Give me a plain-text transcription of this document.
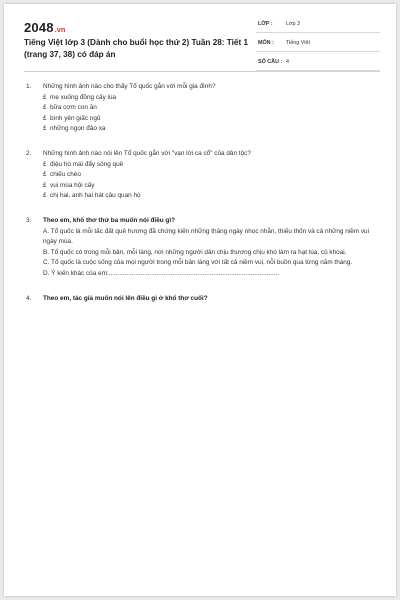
2048.vn
Tiếng Việt lớp 3 (Dành cho buổi học thứ 2) Tuần 28: Tiết 1 (trang 37, 38) có đáp án
LỚP : Lớp 3
MÔN : Tiếng Việt
SỐ CÂU : 4
1. Những hình ảnh nào cho thấy Tổ quốc gắn với mỗi gia đình?
£ mẹ xuống đồng cấy lúa
£ bữa cơm con ăn
£ bình yên giấc ngủ
£ những ngọn đảo xa
2. Những hình ảnh nào nói lên Tổ quốc gắn với "vạn lời ca cổ" của dân tộc?
£ điệu hò mái đẩy sông quê
£ chiếu chèo
£ vui mùa hội cấy
£ chị hai, anh hai hát câu quan họ
3. Theo em, khổ thơ thứ ba muốn nói điều gì?
A. Tổ quốc là mỗi tấc đất quê hương đã chứng kiến những tháng ngày nhọc nhằn, thiếu thốn và cả những niềm vui ngày mùa.
B. Tổ quốc có trong mỗi bản, mỗi làng, nơi những người dân chịu thương chịu khó làm ra hạt lúa, củ khoai.
C. Tổ quốc là cuộc sống của mọi người trong mỗi bản làng với tất cả niềm vui, nỗi buồn qua từng năm tháng.
D. Ý kiến khác của em:................................................................................................
4. Theo em, tác giả muốn nói lên điều gì ở khổ thơ cuối?
